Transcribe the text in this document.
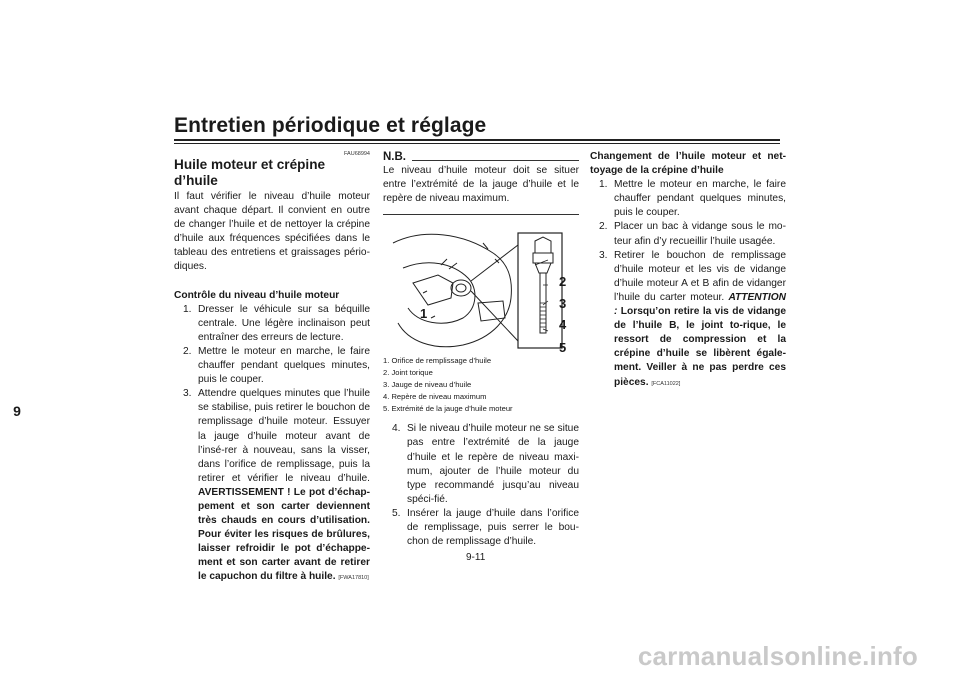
Entretien périodique et réglage
9
FAU68994
Huile moteur et crépine d’huile

Il faut vérifier le niveau d’huile moteur avant chaque départ. Il convient en outre de changer l’huile et de nettoyer la crépine d’huile aux fréquences spécifiées dans le tableau des entretiens et graissages pério-diques.

Contrôle du niveau d’huile moteur

1. Dresser le véhicule sur sa béquille centrale. Une légère inclinaison peut entraîner des erreurs de lecture.
2. Mettre le moteur en marche, le faire chauffer pendant quelques minutes, puis le couper.
3. Attendre quelques minutes que l’huile se stabilise, puis retirer le bouchon de remplissage d’huile moteur. Essuyer la jauge d’huile moteur avant de l’insé-rer à nouveau, sans la visser, dans l’orifice de remplissage, puis la retirer et vérifier le niveau d’huile. AVERTISSEMENT ! Le pot d’échap-pement et son carter deviennent très chauds en cours d’utilisation. Pour éviter les risques de brûlures, laisser refroidir le pot d’échappe-ment et son carter avant de retirer le capuchon du filtre à huile. [FWA17810]
N.B.

Le niveau d’huile moteur doit se situer entre l’extrémité de la jauge d’huile et le repère de niveau maximum.

1
2
3
4
5
1. Orifice de remplissage d’huile
2. Joint torique
3. Jauge de niveau d’huile
4. Repère de niveau maximum
5. Extrémité de la jauge d’huile moteur
4. Si le niveau d’huile moteur ne se situe pas entre l’extrémité de la jauge d’huile et le repère de niveau maxi-mum, ajouter de l’huile moteur du type recommandé jusqu’au niveau spéci-fié.
5. Insérer la jauge d’huile dans l’orifice de remplissage, puis serrer le bou-chon de remplissage d’huile.

Changement de l’huile moteur et net-toyage de la crépine d’huile

1. Mettre le moteur en marche, le faire chauffer pendant quelques minutes, puis le couper.
2. Placer un bac à vidange sous le mo-teur afin d’y recueillir l’huile usagée.
3. Retirer le bouchon de remplissage d’huile moteur et les vis de vidange d’huile moteur A et B afin de vidanger l’huile du carter moteur. ATTENTION : Lorsqu’on retire la vis de vidange de l’huile B, le joint to-rique, le ressort de compression et la crépine d’huile se libèrent égale-ment. Veiller à ne pas perdre ces pièces. [FCA11022]
9-11
carmanualsonline.info
